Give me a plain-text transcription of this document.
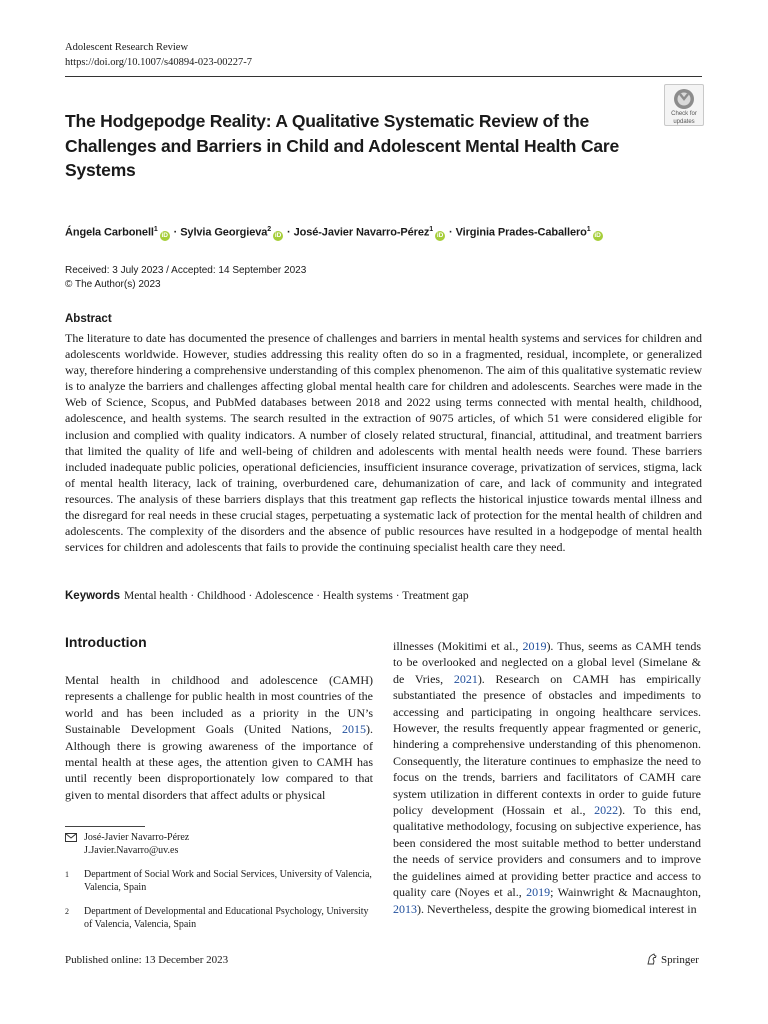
Adolescent Research Review
https://doi.org/10.1007/s40894-023-00227-7
Check for
updates
The Hodgepodge Reality: A Qualitative Systematic Review of the Challenges and Barriers in Child and Adolescent Mental Health Care Systems
Ángela Carbonell$^1$iD · Sylvia Georgieva$^2$iD · José-Javier Navarro-Pérez$^1$iD · Virginia Prades-Caballero$^1$iD
Received: 3 July 2023 / Accepted: 14 September 2023
© The Author(s) 2023
Abstract

The literature to date has documented the presence of challenges and barriers in mental health systems and services for children and adolescents worldwide. However, studies addressing this reality often do so in a fragmented, residual, incomplete, or generalized way, therefore hindering a comprehensive understanding of this complex phenomenon. The aim of this qualitative systematic review is to analyze the barriers and challenges affecting global mental health care for children and adolescents. Searches were made in the Web of Science, Scopus, and PubMed databases between 2018 and 2022 using terms connected with mental health, childhood, adolescence, and health systems. The search resulted in the extraction of 9075 articles, of which 51 were considered eligible for inclusion and complied with quality indicators. A number of closely related structural, financial, attitudinal, and treatment barriers that limited the quality of life and well-being of children and adolescents with mental health needs were found. These barriers included inadequate public policies, operational deficiencies, insufficient insurance coverage, privatization of services, stigma, lack of mental health literacy, lack of training, overburdened care, dehumanization of care, and lack of community and integrated resources. The analysis of these barriers displays that this treatment gap reflects the historical injustice towards mental illness and the disregard for real needs in these crucial stages, perpetuating a systematic lack of protection for the mental health of children and adolescents. The complexity of the disorders and the absence of public resources have resulted in a hodgepodge of mental health services for children and adolescents that fails to provide the continuing specialist health care they need.

Keywords Mental health · Childhood · Adolescence · Health systems · Treatment gap
Introduction

Mental health in childhood and adolescence (CAMH) represents a challenge for public health in most countries of the world and has been included as a priority in the UN’s Sustainable Development Goals (United Nations, 2015). Although there is growing awareness of the importance of mental health at these ages, the attention given to CAMH has until recently been disproportionately low compared to that given to mental disorders that affect adults or physical

illnesses (Mokitimi et al., 2019). Thus, seems as CAMH tends to be overlooked and neglected on a global level (Simelane & de Vries, 2021). Research on CAMH has empirically substantiated the presence of obstacles and impediments to accessing and participating in ongoing healthcare services. However, the results frequently appear fragmented or generic, hindering a comprehensive understanding of this phenomenon. Consequently, the literature continues to emphasize the need to focus on the trends, barriers and facilitators of CAMH care system utilization in different contexts in order to guide future policy development (Hossain et al., 2022). To this end, qualitative methodology, focusing on subjective experience, has been considered the most suitable method to better understand the needs of service providers and consumers and to improve the guidelines aimed at providing better practice and access to quality care (Noyes et al., 2019; Wainwright & Macnaughton, 2013). Nevertheless, despite the growing biomedical interest in

José-Javier Navarro-Pérez
J.Javier.Navarro@uv.es
1 Department of Social Work and Social Services, University of Valencia, Valencia, Spain
2 Department of Developmental and Educational Psychology, University of Valencia, Valencia, Spain
Published online: 13 December 2023	Springer
